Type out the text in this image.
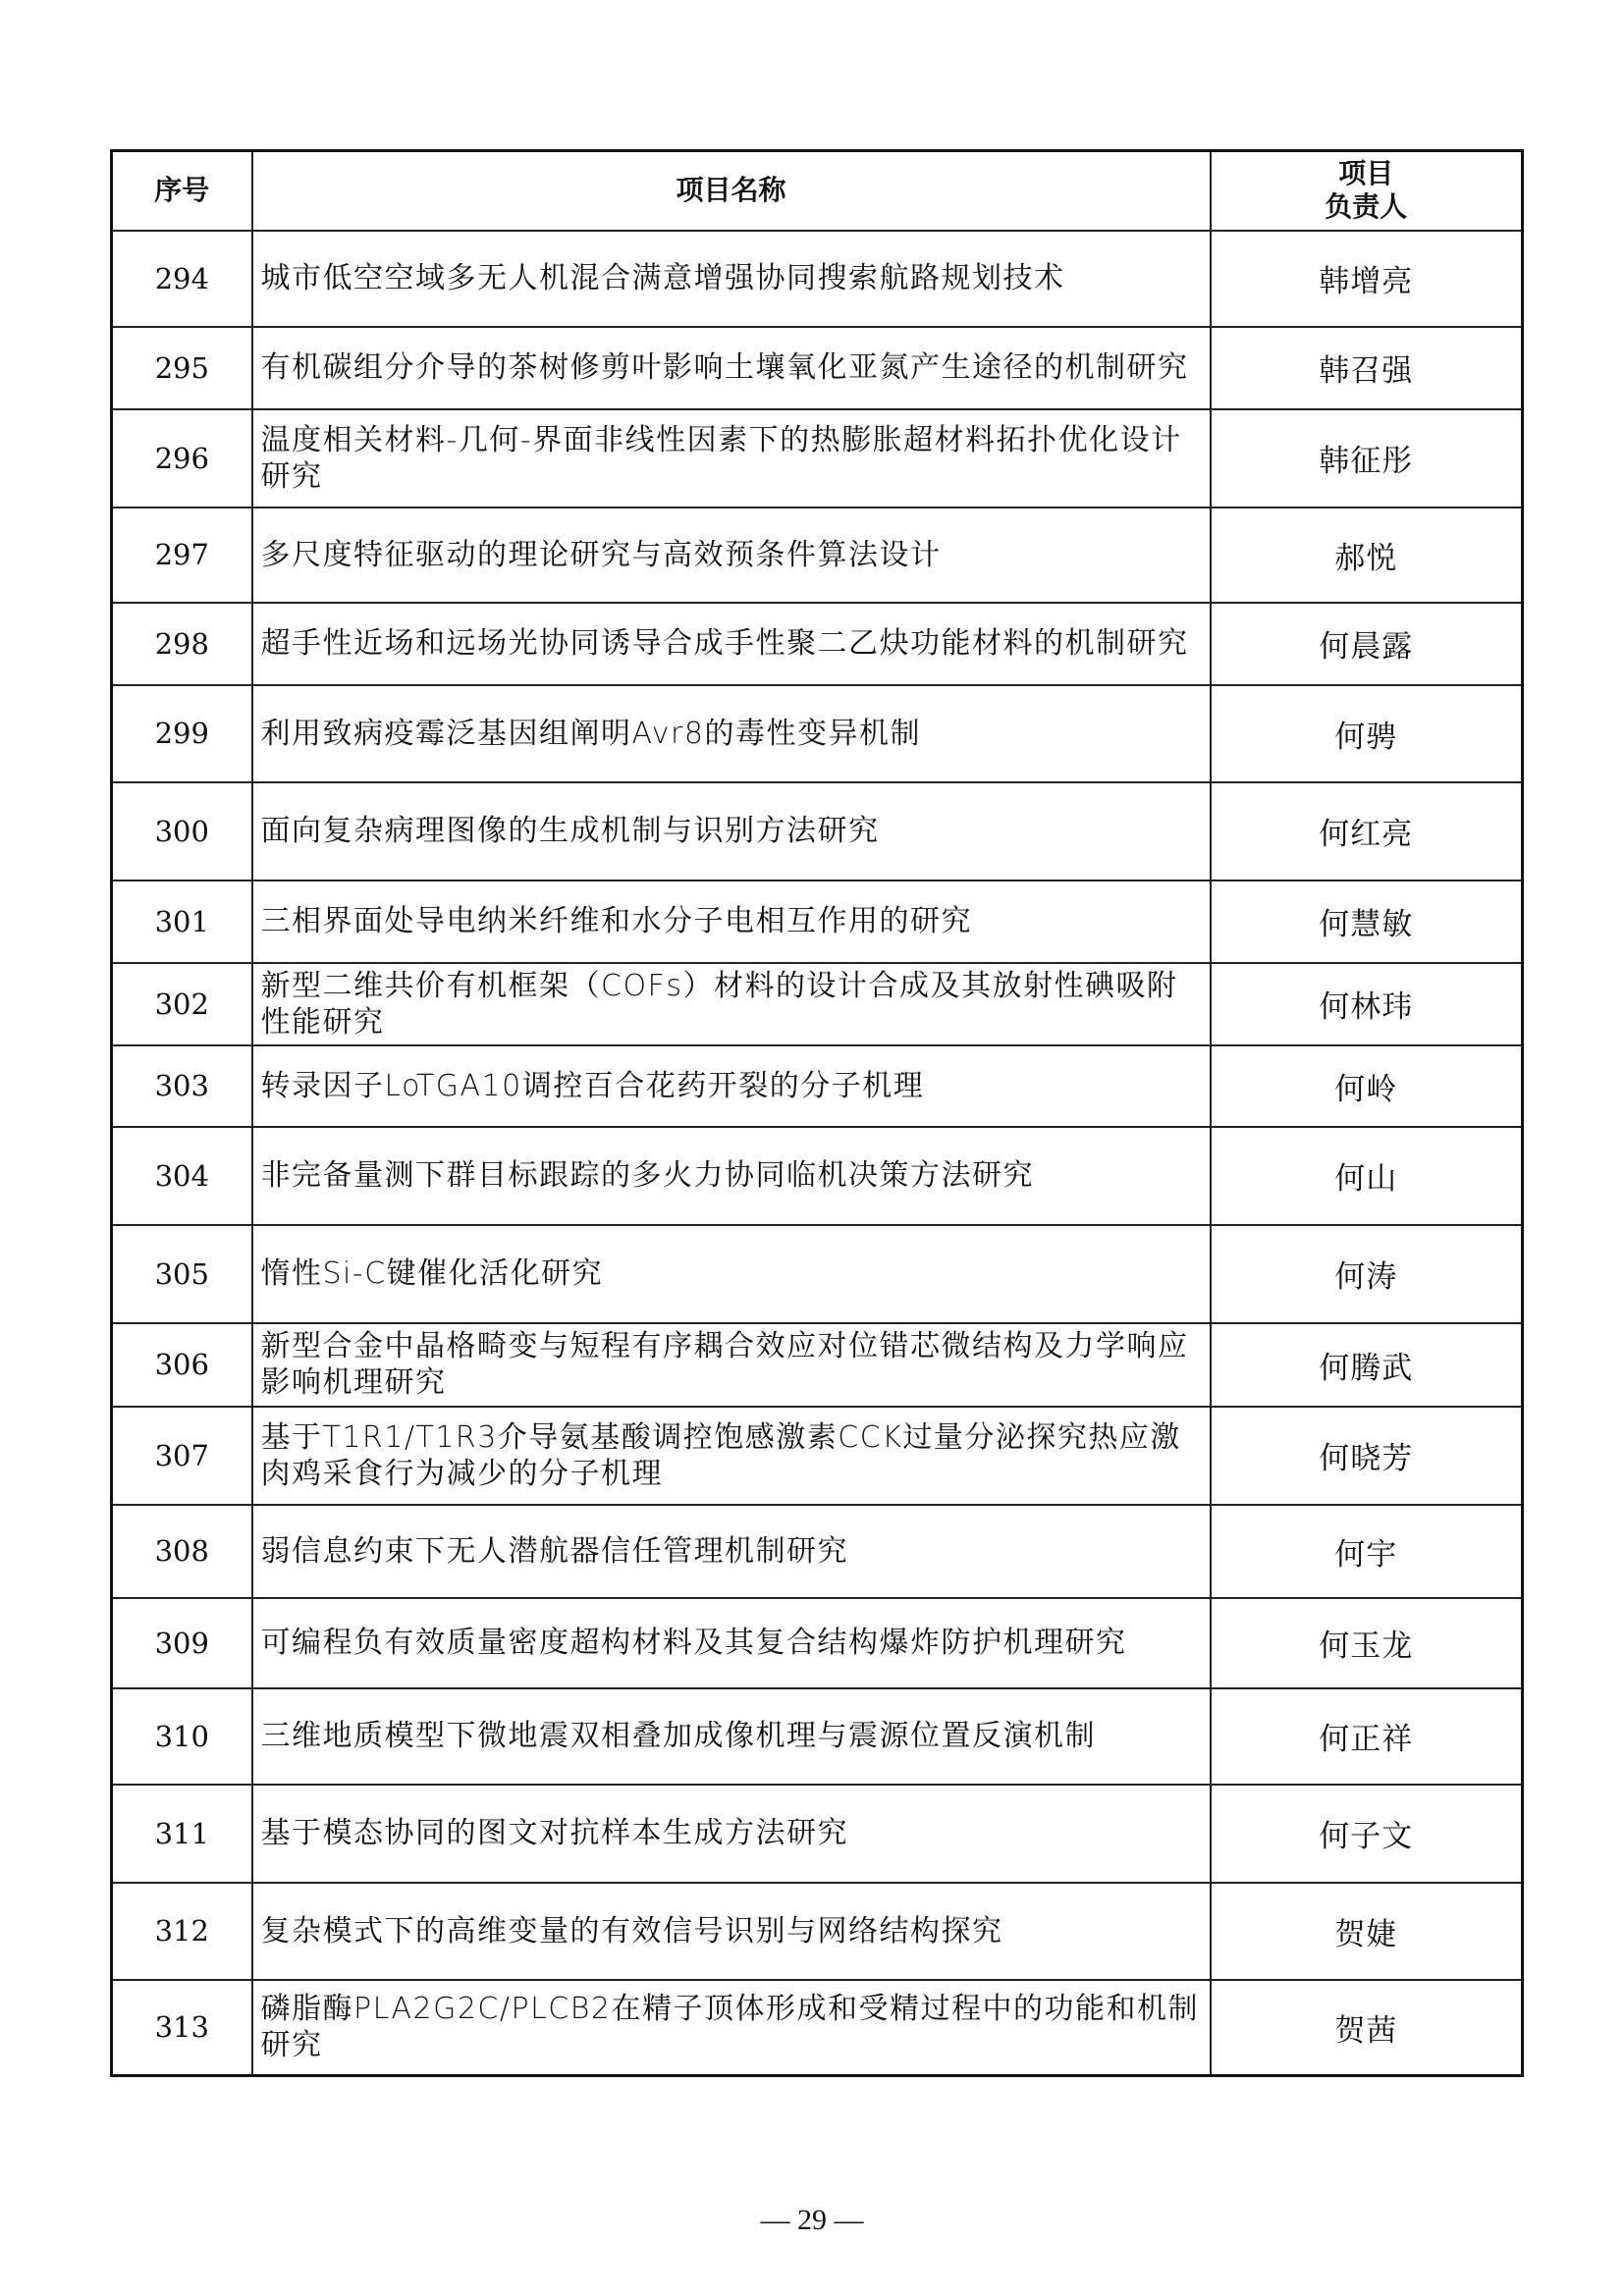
序号	项目名称	项目
负责人

294	城市低空空域多无人机混合满意增强协同搜索航路规划技术	韩增亮
295	有机碳组分介导的茶树修剪叶影响土壤氧化亚氮产生途径的机制研究	韩召强
296	温度相关材料-几何-界面非线性因素下的热膨胀超材料拓扑优化设计研究	韩征彤
297	多尺度特征驱动的理论研究与高效预条件算法设计	郝悦
298	超手性近场和远场光协同诱导合成手性聚二乙炔功能材料的机制研究	何晨露
299	利用致病疫霉泛基因组阐明Avr8的毒性变异机制	何骋
300	面向复杂病理图像的生成机制与识别方法研究	何红亮
301	三相界面处导电纳米纤维和水分子电相互作用的研究	何慧敏
302	新型二维共价有机框架（COFs）材料的设计合成及其放射性碘吸附性能研究	何林玮
303	转录因子LoTGA10调控百合花药开裂的分子机理	何岭
304	非完备量测下群目标跟踪的多火力协同临机决策方法研究	何山
305	惰性Si-C键催化活化研究	何涛
306	新型合金中晶格畸变与短程有序耦合效应对位错芯微结构及力学响应影响机理研究	何腾武
307	基于T1R1/T1R3介导氨基酸调控饱感激素CCK过量分泌探究热应激肉鸡采食行为减少的分子机理	何晓芳
308	弱信息约束下无人潜航器信任管理机制研究	何宇
309	可编程负有效质量密度超构材料及其复合结构爆炸防护机理研究	何玉龙
310	三维地质模型下微地震双相叠加成像机理与震源位置反演机制	何正祥
311	基于模态协同的图文对抗样本生成方法研究	何子文
312	复杂模式下的高维变量的有效信号识别与网络结构探究	贺婕
313	磷脂酶PLA2G2C/PLCB2在精子顶体形成和受精过程中的功能和机制研究	贺茜
— 29 —
